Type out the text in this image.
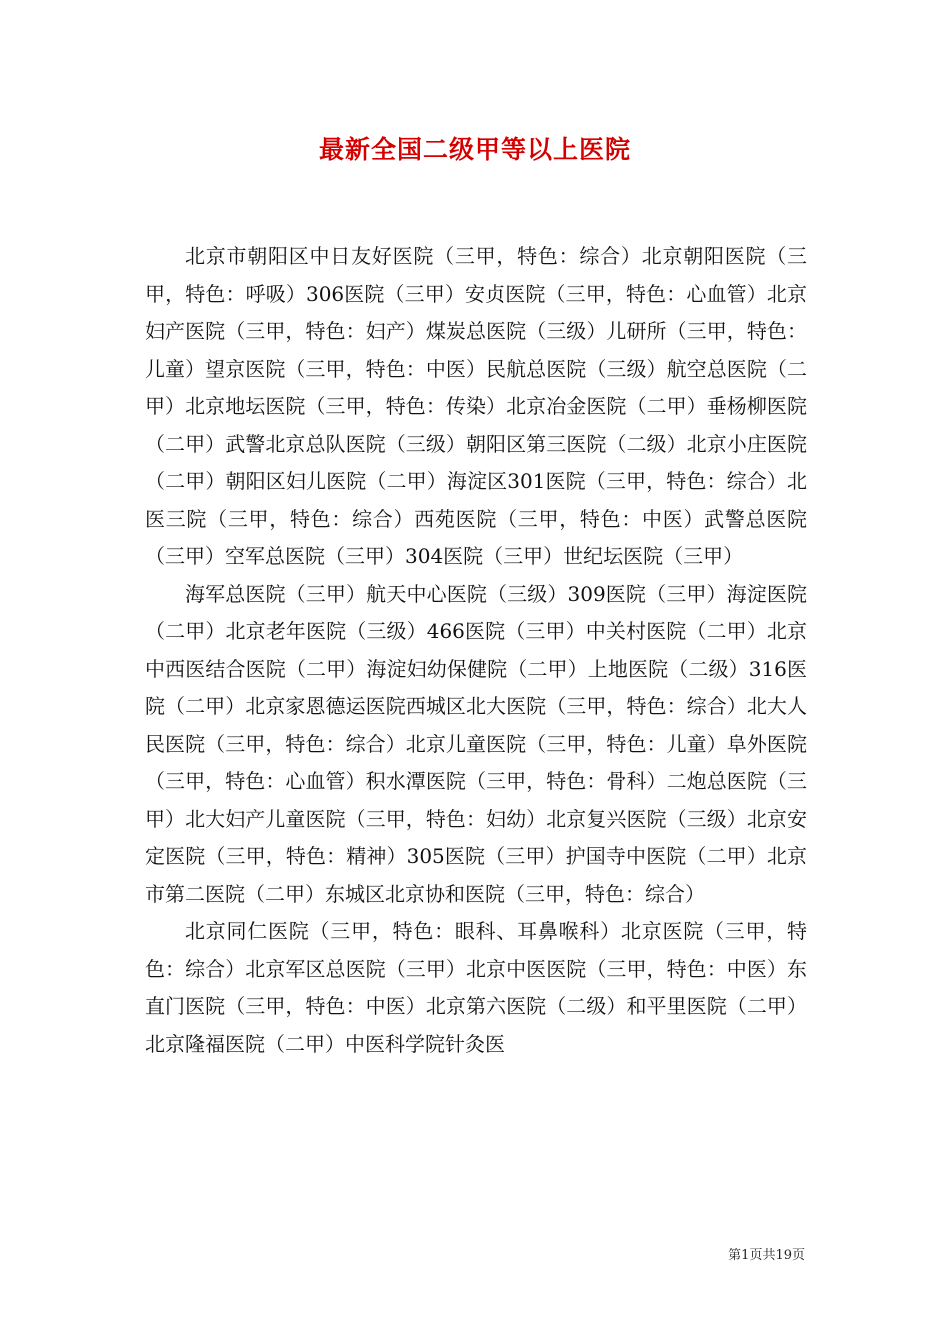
最新全国二级甲等以上医院

北京市朝阳区中日友好医院（三甲，特色：综合）北京朝阳医院（三甲，特色：呼吸）306医院（三甲）安贞医院（三甲，特色：心血管）北京妇产医院（三甲，特色：妇产）煤炭总医院（三级）儿研所（三甲，特色：儿童）望京医院（三甲，特色：中医）民航总医院（三级）航空总医院（二甲）北京地坛医院（三甲，特色：传染）北京冶金医院（二甲）垂杨柳医院（二甲）武警北京总队医院（三级）朝阳区第三医院（二级）北京小庄医院（二甲）朝阳区妇儿医院（二甲）海淀区301医院（三甲，特色：综合）北医三院（三甲，特色：综合）西苑医院（三甲，特色：中医）武警总医院（三甲）空军总医院（三甲）304医院（三甲）世纪坛医院（三甲）

海军总医院（三甲）航天中心医院（三级）309医院（三甲）海淀医院（二甲）北京老年医院（三级）466医院（三甲）中关村医院（二甲）北京中西医结合医院（二甲）海淀妇幼保健院（二甲）上地医院（二级）316医院（二甲）北京家恩德运医院西城区北大医院（三甲，特色：综合）北大人民医院（三甲，特色：综合）北京儿童医院（三甲，特色：儿童）阜外医院（三甲，特色：心血管）积水潭医院（三甲，特色：骨科）二炮总医院（三甲）北大妇产儿童医院（三甲，特色：妇幼）北京复兴医院（三级）北京安定医院（三甲，特色：精神）305医院（三甲）护国寺中医院（二甲）北京市第二医院（二甲）东城区北京协和医院（三甲，特色：综合）

北京同仁医院（三甲，特色：眼科、耳鼻喉科）北京医院（三甲，特色：综合）北京军区总医院（三甲）北京中医医院（三甲，特色：中医）东直门医院（三甲，特色：中医）北京第六医院（二级）和平里医院（二甲）北京隆福医院（二甲）中医科学院针灸医

第1页共19页
